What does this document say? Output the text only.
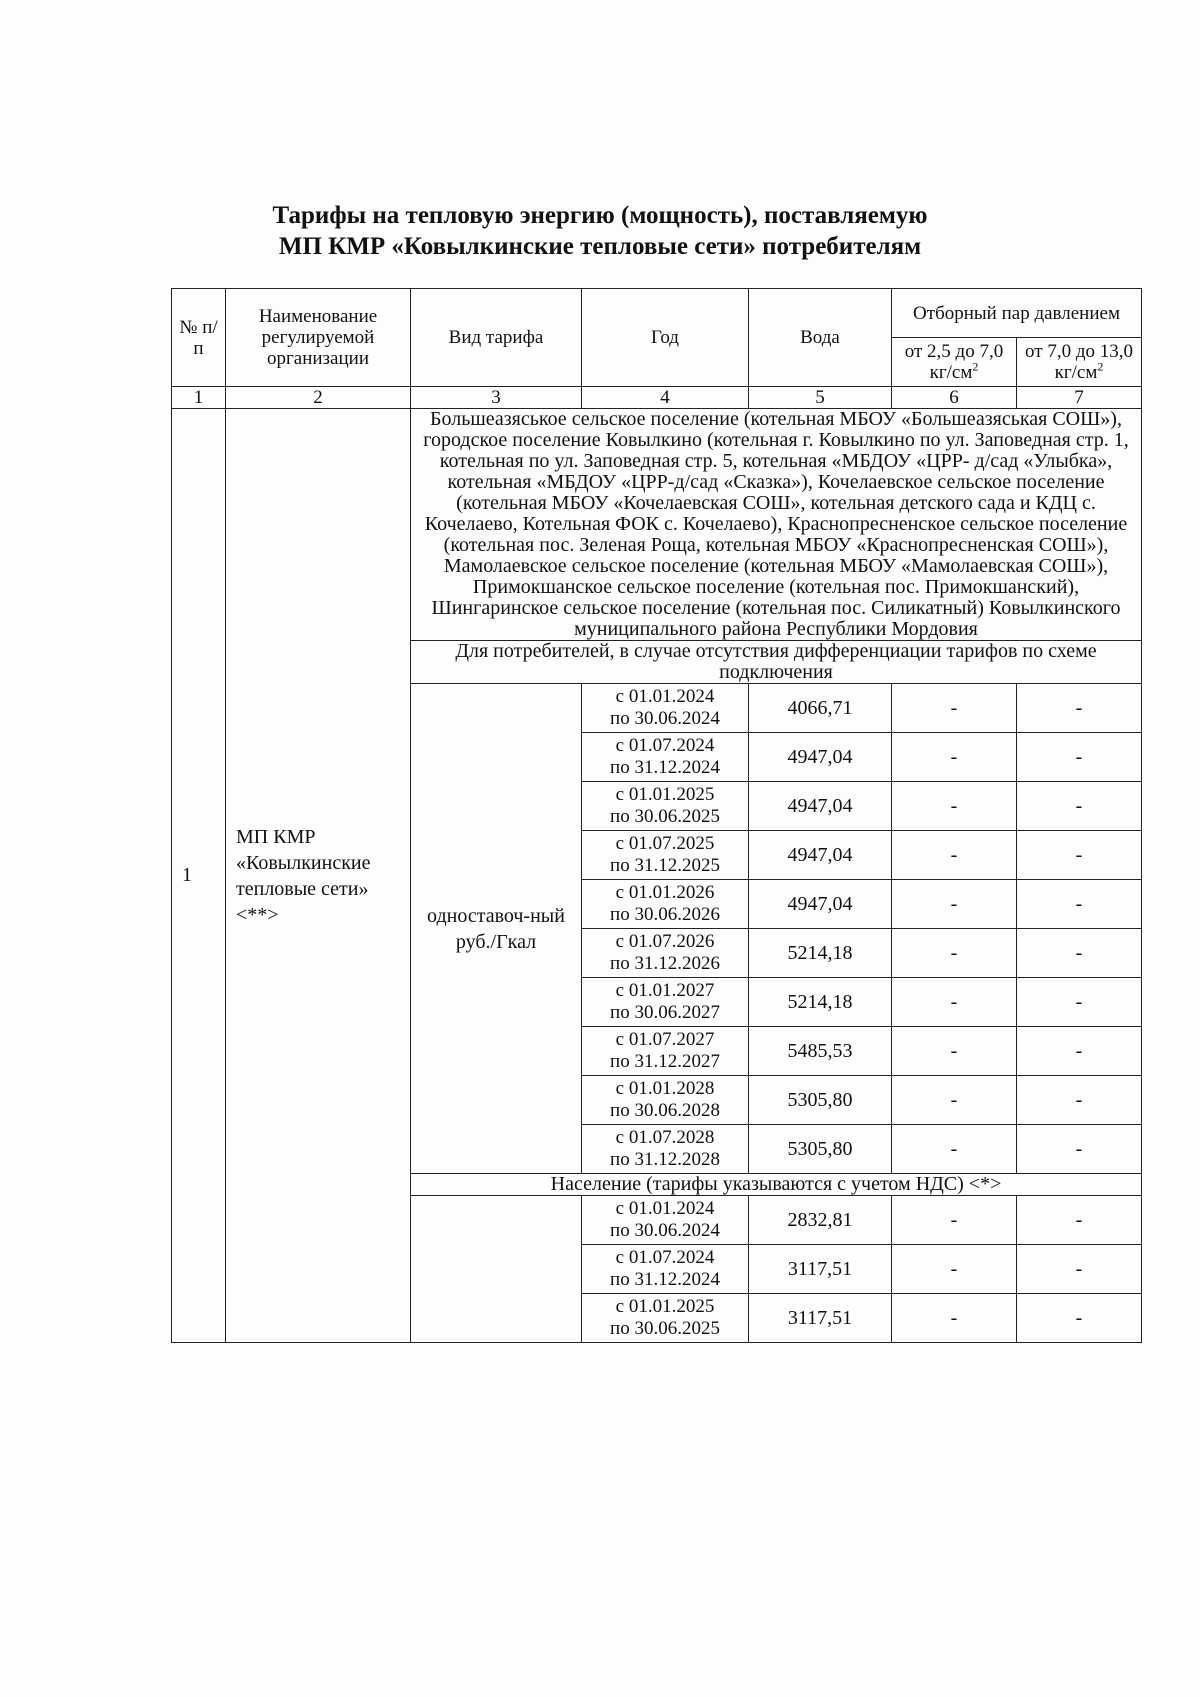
Тарифы на тепловую энергию (мощность), поставляемую
МП КМР «Ковылкинские тепловые сети» потребителям
№ п/п	Наименование регулируемой организации	Вид тарифа	Год	Вода	Отборный пар давлением	
					от 2,5 до 7,0 $кг/см^2$	от 7,0 до 13,0 $кг/см^2$
1	2	3	4	5	6	7
1	МП КМР «Ковылкинские тепловые сети» <**>	Большеазяськое сельское поселение (котельная МБОУ «Большеазяськая СОШ»), городское поселение Ковылкино (котельная г. Ковылкино по ул. Заповедная стр. 1, котельная по ул. Заповедная стр. 5, котельная «МБДОУ «ЦРР- д/сад «Улыбка», котельная «МБДОУ «ЦРР-д/сад «Сказка»), Кочелаевское сельское поселение (котельная МБОУ «Кочелаевская СОШ», котельная детского сада и КДЦ с. Кочелаево, Котельная ФОК с. Кочелаево), Краснопресненское сельское поселение (котельная пос. Зеленая Роща, котельная МБОУ «Краснопресненская СОШ»), Мамолаевское сельское поселение (котельная МБОУ «Мамолаевская СОШ»), Примокшанское сельское поселение (котельная пос. Примокшанский), Шингаринское сельское поселение (котельная пос. Силикатный) Ковылкинского муниципального района Республики Мордовия				
		Для потребителей, в случае отсутствия дифференциации тарифов по схеме подключения				
		одноставоч-ный руб./Гкал	с 01.01.2024
по 30.06.2024	4066,71	-	-

			с 01.07.2024
по 31.12.2024	4947,04	-	-

			с 01.01.2025
по 30.06.2025	4947,04	-	-

			с 01.07.2025
по 31.12.2025	4947,04	-	-

			с 01.01.2026
по 30.06.2026	4947,04	-	-

			с 01.07.2026
по 31.12.2026	5214,18	-	-

			с 01.01.2027
по 30.06.2027	5214,18	-	-

			с 01.07.2027
по 31.12.2027	5485,53	-	-

			с 01.01.2028
по 30.06.2028	5305,80	-	-

			с 01.07.2028
по 31.12.2028	5305,80	-	-
		Население (тарифы указываются с учетом НДС) <*>				

			с 01.01.2024
по 30.06.2024	2832,81	-	-

			с 01.07.2024
по 31.12.2024	3117,51	-	-

			с 01.01.2025
по 30.06.2025	3117,51	-	-
